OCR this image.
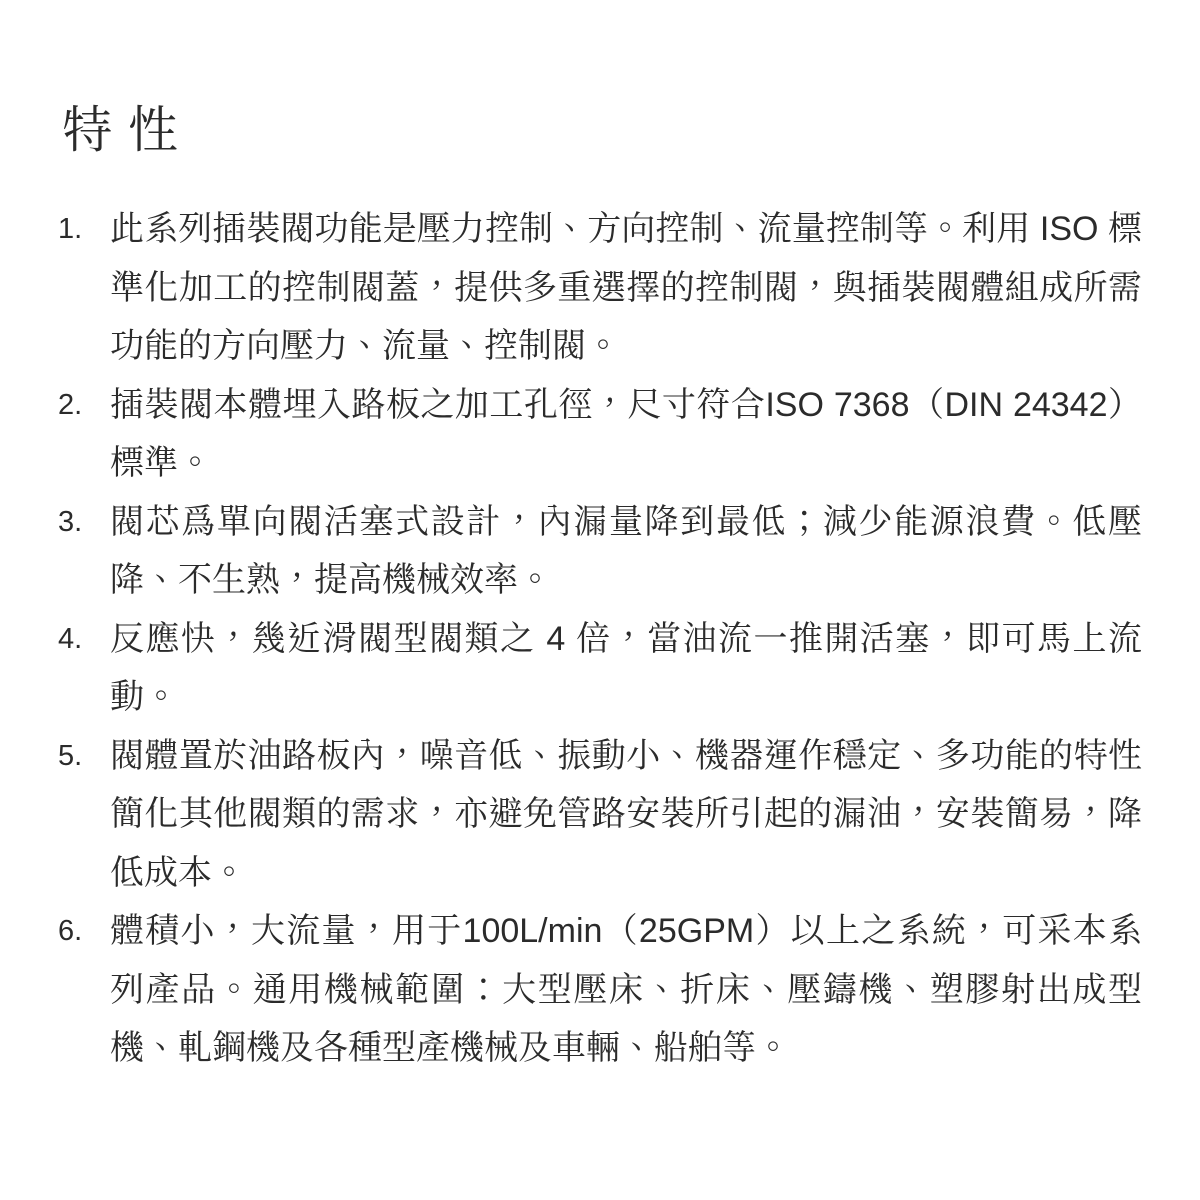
特性
1. 此系列插裝閥功能是壓力控制、方向控制、流量控制等。利用 ISO 標準化加工的控制閥蓋，提供多重選擇的控制閥，與插裝閥體組成所需功能的方向壓力、流量、控制閥。

2. 插裝閥本體埋入路板之加工孔徑，尺寸符合ISO 7368（DIN 24342）標準。

3. 閥芯爲單向閥活塞式設計，內漏量降到最低；減少能源浪費。低壓降、不生熟，提高機械效率。

4. 反應快，幾近滑閥型閥類之 4 倍，當油流一推開活塞，即可馬上流動。

5. 閥體置於油路板內，噪音低、振動小、機器運作穩定、多功能的特性簡化其他閥類的需求，亦避免管路安裝所引起的漏油，安裝簡易，降低成本。

6. 體積小，大流量，用于100L/min（25GPM）以上之系統，可采本系列產品。通用機械範圍：大型壓床、折床、壓鑄機、塑膠射出成型機、軋鋼機及各種型產機械及車輛、船舶等。
